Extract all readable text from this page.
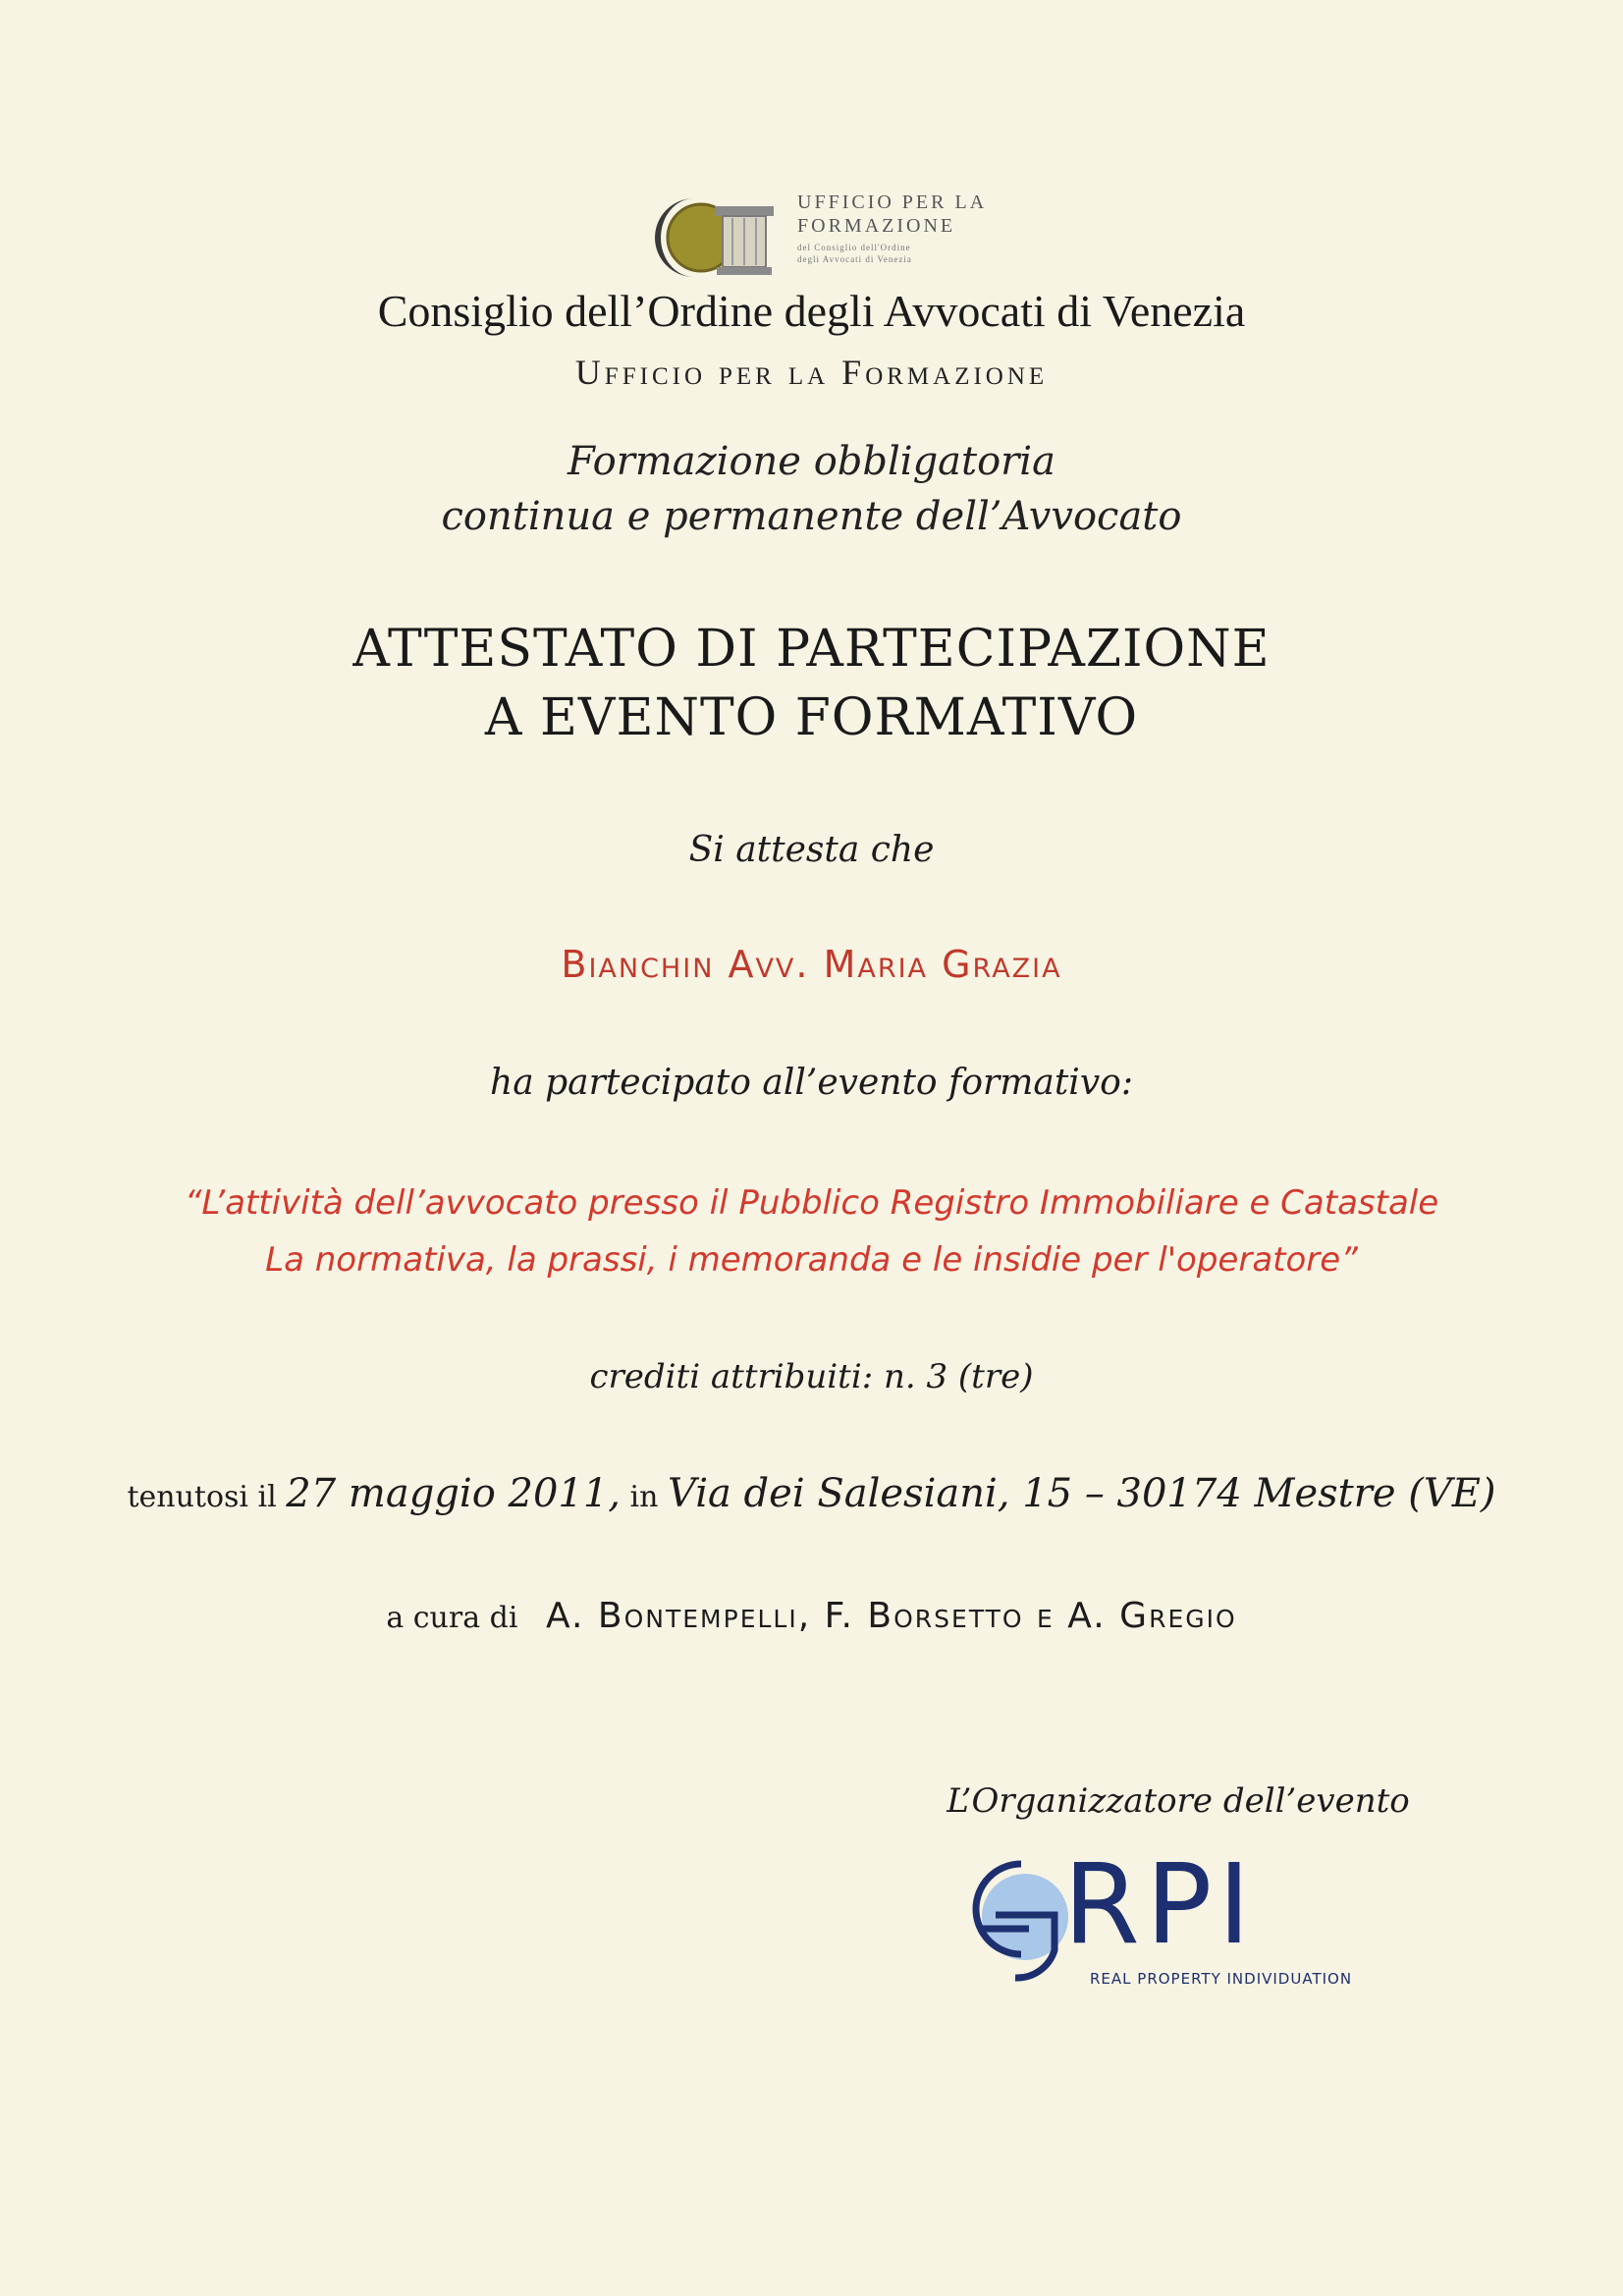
UFFICIO PER LA
FORMAZIONE
del Consiglio dell'Ordine
degli Avvocati di Venezia
Consiglio dell’Ordine degli Avvocati di Venezia
Ufficio per la Formazione
Formazione obbligatoria
continua e permanente dell’Avvocato
ATTESTATO DI PARTECIPAZIONE
A EVENTO FORMATIVO
Si attesta che
Bianchin Avv. Maria Grazia
ha partecipato all’evento formativo:
“L’attività dell’avvocato presso il Pubblico Registro Immobiliare e Catastale
La normativa, la prassi, i memoranda e le insidie per l'operatore”
crediti attribuiti: n. 3 (tre)
tenutosi il 27 maggio 2011, in Via dei Salesiani, 15 – 30174 Mestre (VE)
a cura di A. Bontempelli, F. Borsetto e A. Gregio
L’Organizzatore dell’evento
RPI
REAL PROPERTY INDIVIDUATION
